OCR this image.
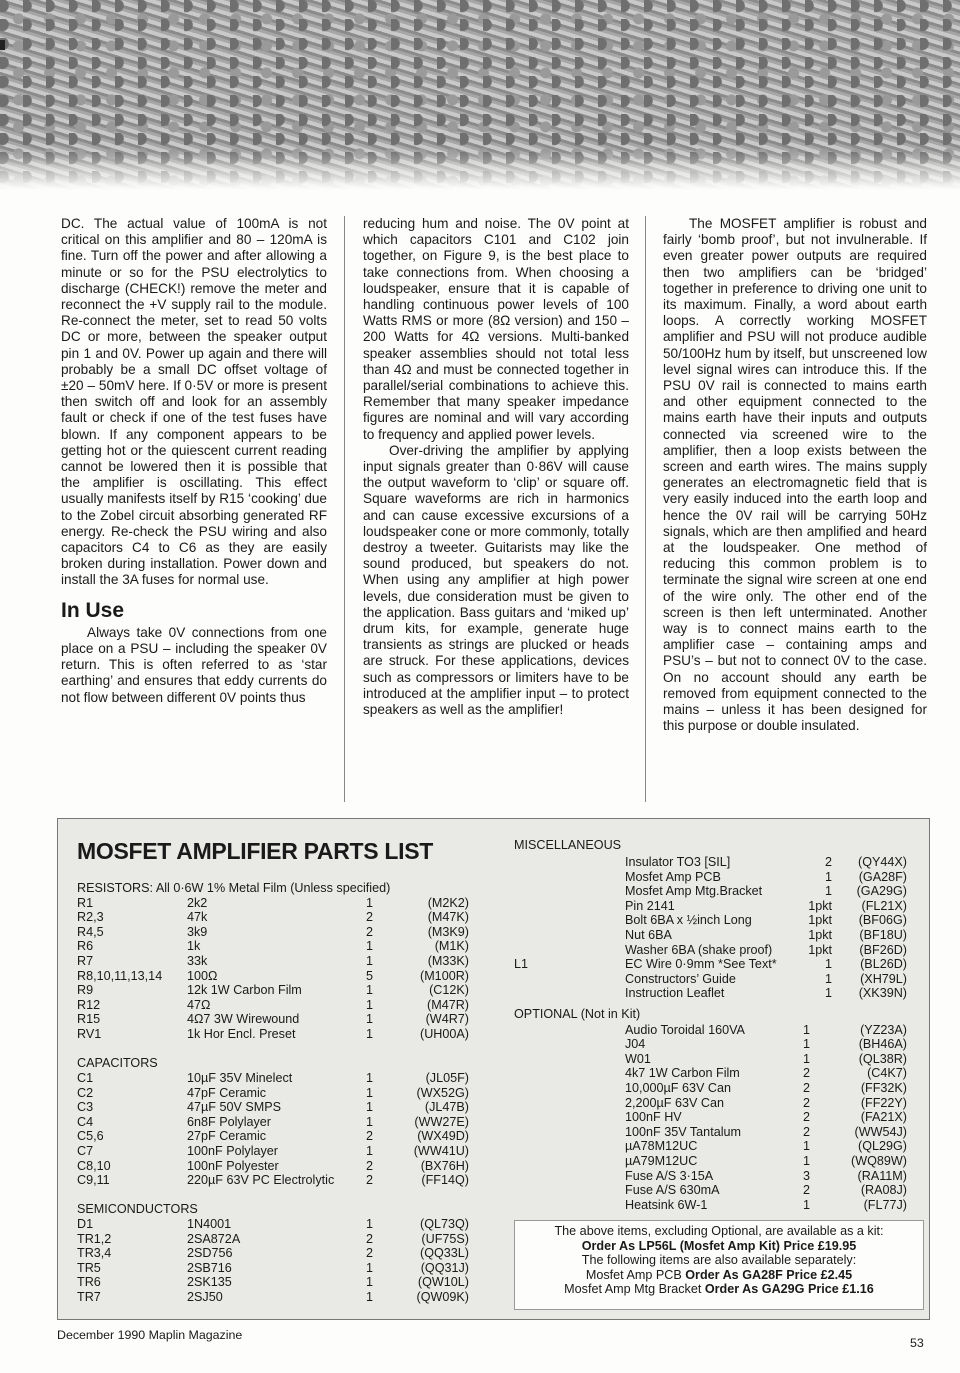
DC. The actual value of 100mA is not critical on this amplifier and 80 – 120mA is fine. Turn off the power and after allowing a minute or so for the PSU electrolytics to discharge (CHECK!) remove the meter and reconnect the +V supply rail to the module. Re-connect the meter, set to read 50 volts DC or more, between the speaker output pin 1 and 0V. Power up again and there will probably be a small DC offset voltage of ±20 – 50mV here. If 0·5V or more is present then switch off and look for an assembly fault or check if one of the test fuses have blown. If any component appears to be getting hot or the quiescent current reading cannot be lowered then it is possible that the amplifier is oscillating. This effect usually manifests itself by R15 ‘cooking’ due to the Zobel circuit absorbing generated RF energy. Re-check the PSU wiring and also capacitors C4 to C6 as they are easily broken during installation. Power down and install the 3A fuses for normal use.

In Use

Always take 0V connections from one place on a PSU – including the speaker 0V return. This is often referred to as ‘star earthing’ and ensures that eddy currents do not flow between different 0V points thus

reducing hum and noise. The 0V point at which capacitors C101 and C102 join together, on Figure 9, is the best place to take connections from. When choosing a loudspeaker, ensure that it is capable of handling continuous power levels of 100 Watts RMS or more (8Ω version) and 150 – 200 Watts for 4Ω versions. Multi-banked speaker assemblies should not total less than 4Ω and must be connected together in parallel/serial combinations to achieve this. Remember that many speaker impedance figures are nominal and will vary according to frequency and applied power levels.

Over-driving the amplifier by applying input signals greater than 0·86V will cause the output waveform to ‘clip’ or square off. Square waveforms are rich in harmonics and can cause excessive excursions of a loudspeaker cone or more commonly, totally destroy a tweeter. Guitarists may like the sound produced, but speakers do not. When using any amplifier at high power levels, due consideration must be given to the application. Bass guitars and ‘miked up’ drum kits, for example, generate huge transients as strings are plucked or heads are struck. For these applications, devices such as compressors or limiters have to be introduced at the amplifier input – to protect speakers as well as the amplifier!

The MOSFET amplifier is robust and fairly ‘bomb proof’, but not invulnerable. If even greater power outputs are required then two amplifiers can be ‘bridged’ together in preference to driving one unit to its maximum. Finally, a word about earth loops. A correctly working MOSFET amplifier and PSU will not produce audible 50/100Hz hum by itself, but unscreened low level signal wires can introduce this. If the PSU 0V rail is connected to mains earth and other equipment connected to the mains earth have their inputs and outputs connected via screened wire to the amplifier, then a loop exists between the screen and earth wires. The mains supply generates an electromagnetic field that is very easily induced into the earth loop and hence the 0V rail will be carrying 50Hz signals, which are then amplified and heard at the loudspeaker. One method of reducing this common problem is to terminate the signal wire screen at one end of the wire only. The other end of the screen is then left unterminated. Another way is to connect mains earth to the amplifier case – containing amps and PSU’s – but not to connect 0V to the case. On no account should any earth be removed from equipment connected to the mains – unless it has been designed for this purpose or double insulated.

MOSFET AMPLIFIER PARTS LIST
RESISTORS: All 0·6W 1% Metal Film (Unless specified)
R1	2k2	1	(M2K2)
R2,3	47k	2	(M47K)
R4,5	3k9	2	(M3K9)
R6	1k	1	(M1K)
R7	33k	1	(M33K)
R8,10,11,13,14 100Ω	5	(M100R)
R9	12k 1W Carbon Film	1	(C12K)
R12	47Ω	1	(M47R)
R15	4Ω7 3W Wirewound	1	(W4R7)
RV1	1k Hor Encl. Preset	1	(UH00A)
CAPACITORS
C1	10µF 35V Minelect	1	(JL05F)
C2	47pF Ceramic	1	(WX52G)
C3	47µF 50V SMPS	1	(JL47B)
C4	6n8F Polylayer	1	(WW27E)
C5,6	27pF Ceramic	2	(WX49D)
C7	100nF Polylayer	1	(WW41U)
C8,10	100nF Polyester	2	(BX76H)
C9,11	220µF 63V PC Electrolytic	2	(FF14Q)
SEMICONDUCTORS
D1	1N4001	1	(QL73Q)
TR1,2	2SA872A	2	(UF75S)
TR3,4	2SD756	2	(QQ33L)
TR5	2SB716	1	(QQ31J)
TR6	2SK135	1	(QW10L)
TR7	2SJ50	1	(QW09K)
MISCELLANEOUS
Insulator TO3 [SIL]	2	(QY44X)
Mosfet Amp PCB	1	(GA28F)
Mosfet Amp Mtg.Bracket	1	(GA29G)
Pin 2141	1pkt	(FL21X)
Bolt 6BA x ½inch Long	1pkt	(BF06G)
Nut 6BA	1pkt	(BF18U)
Washer 6BA (shake proof)	1pkt	(BF26D)
L1	EC Wire 0·9mm *See Text*	1	(BL26D)
Constructors’ Guide	1	(XH79L)
Instruction Leaflet	1	(XK39N)
OPTIONAL (Not in Kit)
Audio Toroidal 160VA	1	(YZ23A)
J04	1	(BH46A)
W01	1	(QL38R)
4k7 1W Carbon Film	2	(C4K7)
10,000µF 63V Can	2	(FF32K)
2,200µF 63V Can	2	(FF22Y)
100nF HV	2	(FA21X)
100nF 35V Tantalum	2	(WW54J)
µA78M12UC	1	(QL29G)
µA79M12UC	1	(WQ89W)
Fuse A/S 3·15A	3	(RA11M)
Fuse A/S 630mA	2	(RA08J)
Heatsink 6W-1	1	(FL77J)
The above items, excluding Optional, are available as a kit:
Order As LP56L (Mosfet Amp Kit) Price £19.95
The following items are also available separately:
Mosfet Amp PCB Order As GA28F Price £2.45
Mosfet Amp Mtg Bracket Order As GA29G Price £1.16
December 1990 Maplin Magazine
53
